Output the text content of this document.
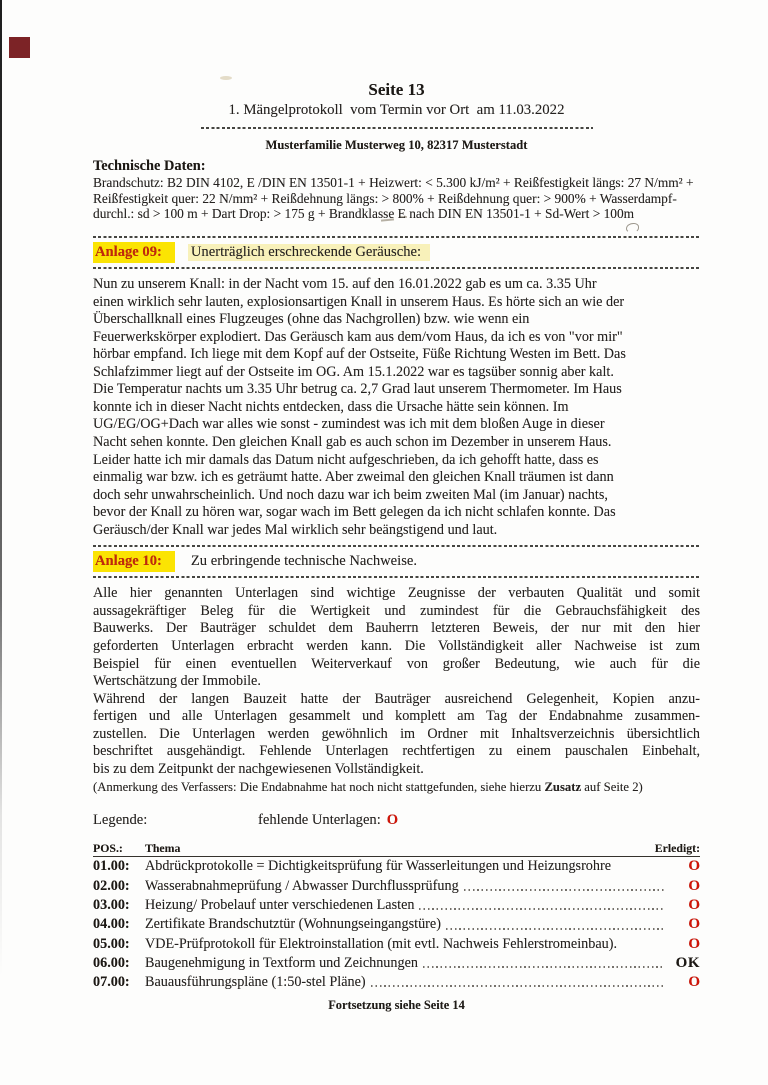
Seite 13
1. Mängelprotokoll  vom Termin vor Ort  am 11.03.2022
Musterfamilie Musterweg 10, 82317 Musterstadt
Technische Daten:
Brandschutz: B2 DIN 4102, E /DIN EN 13501-1 + Heizwert: < 5.300 kJ/m² + Reißfestigkeit längs: 27 N/mm² +
Reißfestigkeit quer: 22 N/mm² + Reißdehnung längs: > 800% + Reißdehnung quer: > 900% + Wasserdampf-
durchl.: sd > 100 m + Dart Drop: > 175 g + Brandklasse E nach DIN EN 13501-1 + Sd-Wert > 100m
Anlage 09: Unerträglich erschreckende Geräusche:
Nun zu unserem Knall: in der Nacht vom 15. auf den 16.01.2022 gab es um ca. 3.35 Uhr
einen wirklich sehr lauten, explosionsartigen Knall in unserem Haus. Es hörte sich an wie der
Überschallknall eines Flugzeuges (ohne das Nachgrollen) bzw. wie wenn ein
Feuerwerkskörper explodiert. Das Geräusch kam aus dem/vom Haus, da ich es von "vor mir"
hörbar empfand. Ich liege mit dem Kopf auf der Ostseite, Füße Richtung Westen im Bett. Das
Schlafzimmer liegt auf der Ostseite im OG. Am 15.1.2022 war es tagsüber sonnig aber kalt.
Die Temperatur nachts um 3.35 Uhr betrug ca. 2,7 Grad laut unserem Thermometer. Im Haus
konnte ich in dieser Nacht nichts entdecken, dass die Ursache hätte sein können. Im
UG/EG/OG+Dach war alles wie sonst - zumindest was ich mit dem bloßen Auge in dieser
Nacht sehen konnte. Den gleichen Knall gab es auch schon im Dezember in unserem Haus.
Leider hatte ich mir damals das Datum nicht aufgeschrieben, da ich gehofft hatte, dass es
einmalig war bzw. ich es geträumt hatte. Aber zweimal den gleichen Knall träumen ist dann
doch sehr unwahrscheinlich. Und noch dazu war ich beim zweiten Mal (im Januar) nachts,
bevor der Knall zu hören war, sogar wach im Bett gelegen da ich nicht schlafen konnte. Das
Geräusch/der Knall war jedes Mal wirklich sehr beängstigend und laut.
Anlage 10: Zu erbringende technische Nachweise.
Alle hier genannten Unterlagen sind wichtige Zeugnisse der verbauten Qualität und somit
aussagekräftiger Beleg für die Wertigkeit und zumindest für die Gebrauchsfähigkeit des
Bauwerks. Der Bauträger schuldet dem Bauherrn letzteren Beweis, der nur mit den hier
geforderten Unterlagen erbracht werden kann. Die Vollständigkeit aller Nachweise ist zum
Beispiel für einen eventuellen Weiterverkauf von großer Bedeutung, wie auch für die
Wertschätzung der Immobile.
Während der langen Bauzeit hatte der Bauträger ausreichend Gelegenheit, Kopien anzu-
fertigen und alle Unterlagen gesammelt und komplett am Tag der Endabnahme zusammen-
zustellen. Die Unterlagen werden gewöhnlich im Ordner mit Inhaltsverzeichnis übersichtlich
beschriftet ausgehändigt. Fehlende Unterlagen rechtfertigen zu einem pauschalen Einbehalt,
bis zu dem Zeitpunkt der nachgewiesenen Vollständigkeit.
(Anmerkung des Verfassers: Die Endabnahme hat noch nicht stattgefunden, siehe hierzu Zusatz auf Seite 2)
Legende:	fehlende Unterlagen: O
POS.:	Thema	Erledigt:
01.00:	Abdrückprotokolle = Dichtigkeitsprüfung für Wasserleitungen und Heizungsrohre	O
02.00:	Wasserabnahmeprüfung / Abwasser Durchflussprüfung	O
03.00:	Heizung/ Probelauf unter verschiedenen Lasten	O
04.00:	Zertifikate Brandschutztür (Wohnungseingangstüre)	O
05.00:	VDE-Prüfprotokoll für Elektroinstallation (mit evtl. Nachweis Fehlerstromeinbau).	O
06.00:	Baugenehmigung in Textform und Zeichnungen	OK
07.00:	Bauausführungspläne (1:50-stel Pläne)	O
Fortsetzung siehe Seite 14
